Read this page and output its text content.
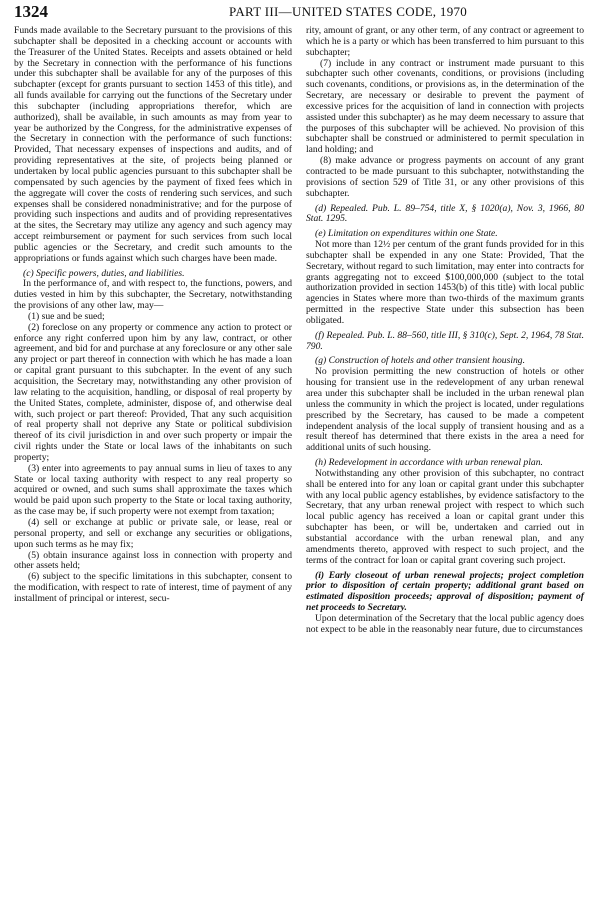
1324	PART III—UNITED STATES CODE, 1970

Funds made available to the Secretary pursuant to the provisions of this subchapter shall be deposited in a checking account or accounts with the Treasurer of the United States. Receipts and assets obtained or held by the Secretary in connection with the performance of his functions under this subchapter shall be available for any of the purposes of this subchapter (except for grants pursuant to section 1453 of this title), and all funds available for carrying out the functions of the Secretary under this subchapter (including appropriations therefor, which are authorized), shall be available, in such amounts as may from year to year be authorized by the Congress, for the administrative expenses of the Secretary in connection with the performance of such functions: Provided, That necessary expenses of inspections and audits, and of providing representatives at the site, of projects being planned or undertaken by local public agencies pursuant to this subchapter shall be compensated by such agencies by the payment of fixed fees which in the aggregate will cover the costs of rendering such services, and such expenses shall be considered nonadministrative; and for the purpose of providing such inspections and audits and of providing representatives at the sites, the Secretary may utilize any agency and such agency may accept reimbursement or payment for such services from such local public agencies or the Secretary, and credit such amounts to the appropriations or funds against which such charges have been made.

(c) Specific powers, duties, and liabilities.

In the performance of, and with respect to, the functions, powers, and duties vested in him by this subchapter, the Secretary, notwithstanding the provisions of any other law, may—

(1) sue and be sued;

(2) foreclose on any property or commence any action to protect or enforce any right conferred upon him by any law, contract, or other agreement, and bid for and purchase at any foreclosure or any other sale any project or part thereof in connection with which he has made a loan or capital grant pursuant to this subchapter. In the event of any such acquisition, the Secretary may, notwithstanding any other provision of law relating to the acquisition, handling, or disposal of real property by the United States, complete, administer, dispose of, and otherwise deal with, such project or part thereof: Provided, That any such acquisition of real property shall not deprive any State or political subdivision thereof of its civil jurisdiction in and over such property or impair the civil rights under the State or local laws of the inhabitants on such property;

(3) enter into agreements to pay annual sums in lieu of taxes to any State or local taxing authority with respect to any real property so acquired or owned, and such sums shall approximate the taxes which would be paid upon such property to the State or local taxing authority, as the case may be, if such property were not exempt from taxation;

(4) sell or exchange at public or private sale, or lease, real or personal property, and sell or exchange any securities or obligations, upon such terms as he may fix;

(5) obtain insurance against loss in connection with property and other assets held;

(6) subject to the specific limitations in this subchapter, consent to the modification, with respect to rate of interest, time of payment of any installment of principal or interest, secu-

rity, amount of grant, or any other term, of any contract or agreement to which he is a party or which has been transferred to him pursuant to this subchapter;

(7) include in any contract or instrument made pursuant to this subchapter such other covenants, conditions, or provisions (including such covenants, conditions, or provisions as, in the determination of the Secretary, are necessary or desirable to prevent the payment of excessive prices for the acquisition of land in connection with projects assisted under this subchapter) as he may deem necessary to assure that the purposes of this subchapter will be achieved. No provision of this subchapter shall be construed or administered to permit speculation in land holding; and

(8) make advance or progress payments on account of any grant contracted to be made pursuant to this subchapter, notwithstanding the provisions of section 529 of Title 31, or any other provisions of this subchapter.

(d) Repealed. Pub. L. 89–754, title X, § 1020(a), Nov. 3, 1966, 80 Stat. 1295.

(e) Limitation on expenditures within one State.

Not more than 12½ per centum of the grant funds provided for in this subchapter shall be expended in any one State: Provided, That the Secretary, without regard to such limitation, may enter into contracts for grants aggregating not to exceed $100,000,000 (subject to the total authorization provided in section 1453(b) of this title) with local public agencies in States where more than two-thirds of the maximum grants permitted in the respective State under this subsection has been obligated.

(f) Repealed. Pub. L. 88–560, title III, § 310(c), Sept. 2, 1964, 78 Stat. 790.

(g) Construction of hotels and other transient housing.

No provision permitting the new construction of hotels or other housing for transient use in the redevelopment of any urban renewal area under this subchapter shall be included in the urban renewal plan unless the community in which the project is located, under regulations prescribed by the Secretary, has caused to be made a competent independent analysis of the local supply of transient housing and as a result thereof has determined that there exists in the area a need for additional units of such housing.

(h) Redevelopment in accordance with urban renewal plan.

Notwithstanding any other provision of this subchapter, no contract shall be entered into for any loan or capital grant under this subchapter with any local public agency establishes, by evidence satisfactory to the Secretary, that any urban renewal project with respect to which such local public agency has received a loan or capital grant under this subchapter has been, or will be, undertaken and carried out in substantial accordance with the urban renewal plan, and any amendments thereto, approved with respect to such project, and the terms of the contract for loan or capital grant covering such project.

(i) Early closeout of urban renewal projects; project completion prior to disposition of certain property; additional grant based on estimated disposition proceeds; approval of disposition; payment of net proceeds to Secretary.

Upon determination of the Secretary that the local public agency does not expect to be able in the reasonably near future, due to circumstances
